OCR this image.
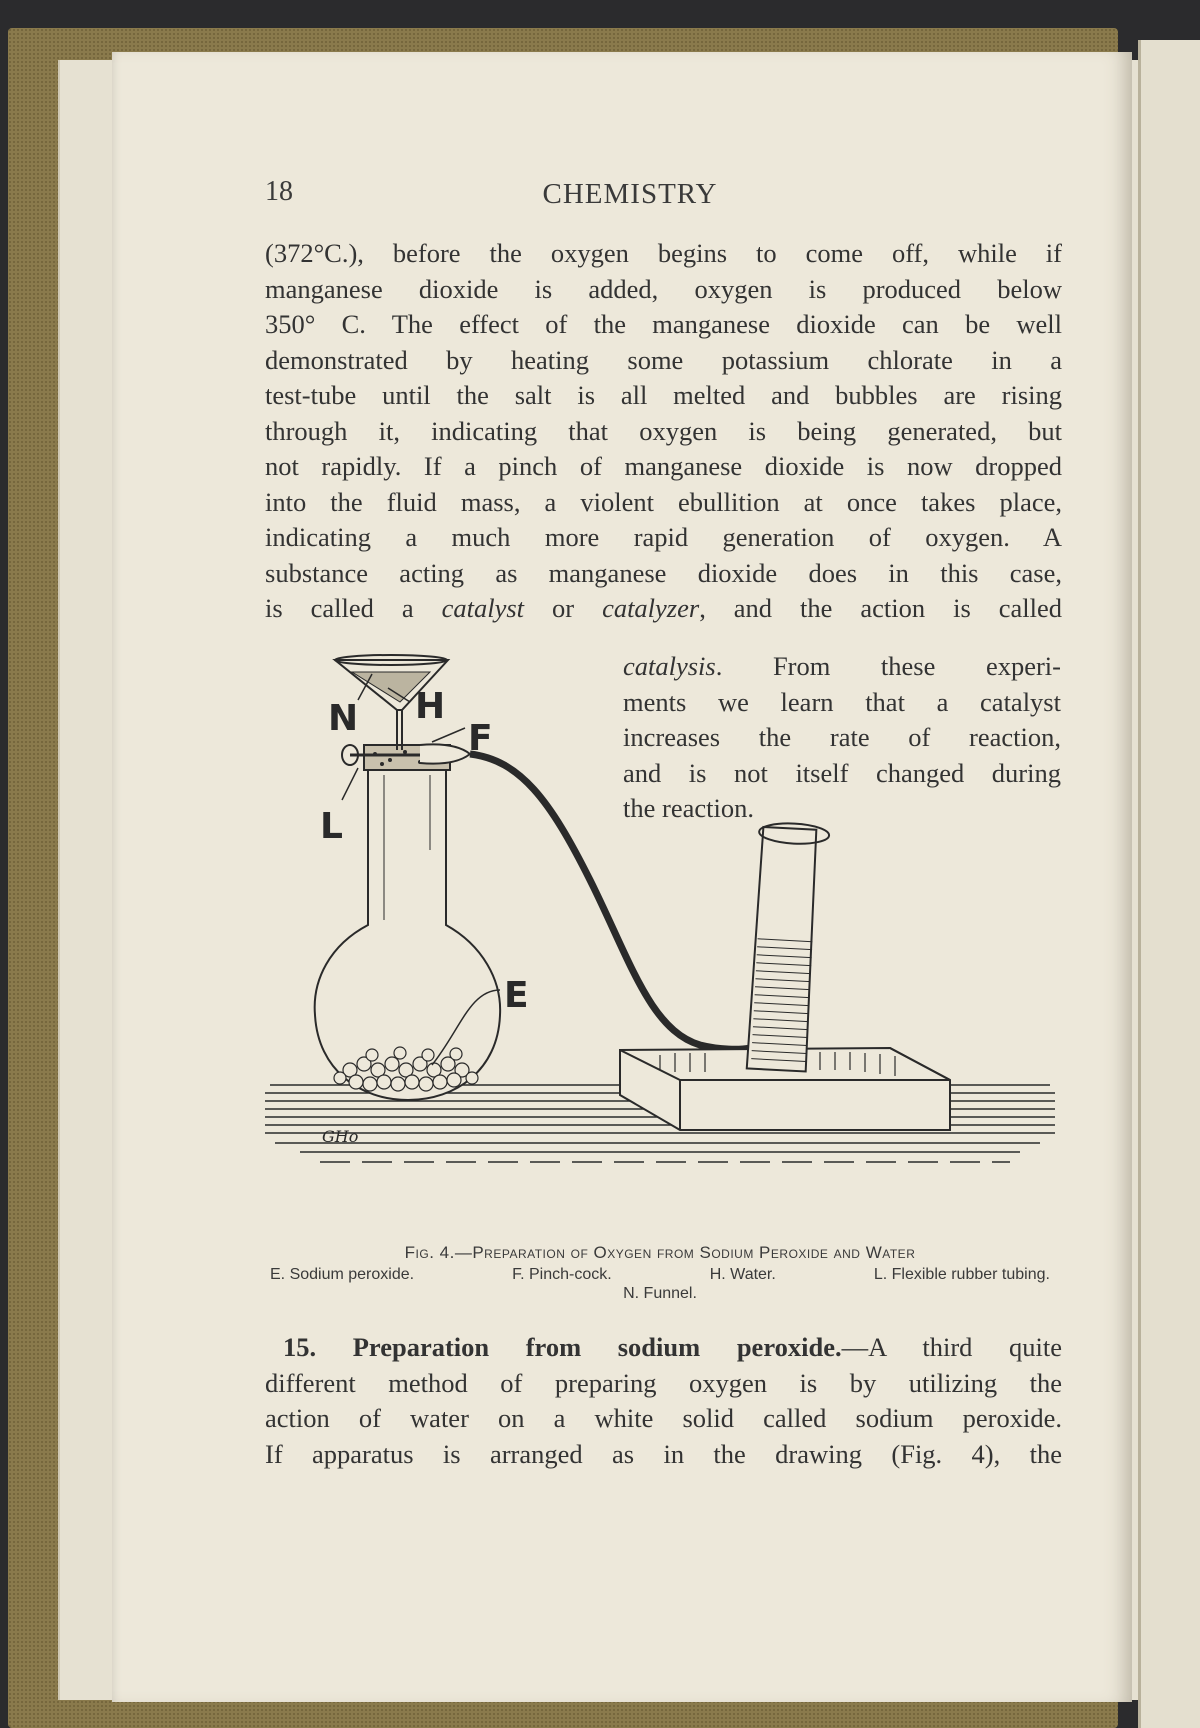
18	CHEMISTRY
(372°C.), before the oxygen begins to come off, while if
manganese dioxide is added, oxygen is produced below
350° C. The effect of the manganese dioxide can be well
demonstrated by heating some potassium chlorate in a
test-tube until the salt is all melted and bubbles are rising
through it, indicating that oxygen is being generated, but
not rapidly. If a pinch of manganese dioxide is now dropped
into the fluid mass, a violent ebullition at once takes place,
indicating a much more rapid generation of oxygen. A
substance acting as manganese dioxide does in this case,
is called a catalyst or catalyzer, and the action is called
catalysis. From these experi-
ments we learn that a catalyst
increases the rate of reaction,
and is not itself changed during
the reaction.
N H
F
L
E
GHo
Fig. 4.—Preparation of Oxygen from Sodium Peroxide and Water
E. Sodium peroxide.	F. Pinch-cock.	H. Water.	L. Flexible rubber tubing.
N. Funnel.
15. Preparation from sodium peroxide.—A third quite
different method of preparing oxygen is by utilizing the
action of water on a white solid called sodium peroxide.
If apparatus is arranged as in the drawing (Fig. 4), the
